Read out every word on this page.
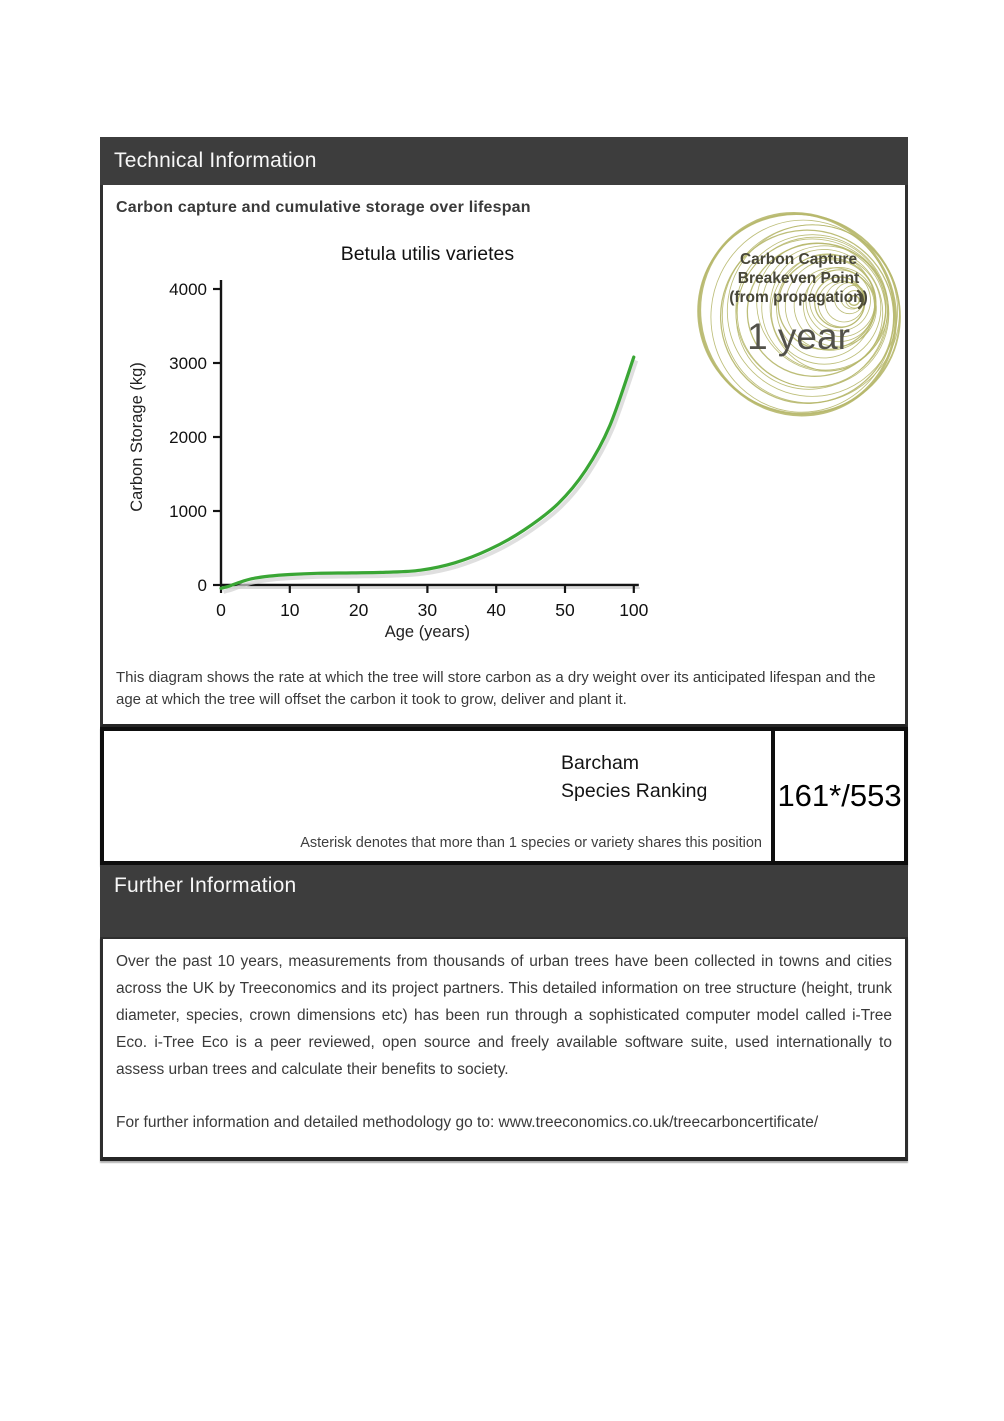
Technical Information
Carbon capture and cumulative storage over lifespan
0
1000
2000
3000
4000
0	10	20	30	40	50	100
Betula utilis varietes
Age (years)
Carbon Storage (kg)
Carbon Capture
Breakeven Point
(from propagation)
1 year

This diagram shows the rate at which the tree will store carbon as a dry weight over its anticipated lifespan and the age at which the tree will offset the carbon it took to grow, deliver and plant it.

Barcham
Species Ranking
Asterisk denotes that more than 1 species or variety shares this position
161*/553
Further Information

Over the past 10 years, measurements from thousands of urban trees have been collected in towns and cities across the UK by Treeconomics and its project partners. This detailed information on tree structure (height, trunk diameter, species, crown dimensions etc) has been run through a sophisticated computer model called i-Tree Eco. i-Tree Eco is a peer reviewed, open source and freely available software suite, used internationally to assess urban trees and calculate their benefits to society.

For further information and detailed methodology go to: www.treeconomics.co.uk/treecarboncertificate/
